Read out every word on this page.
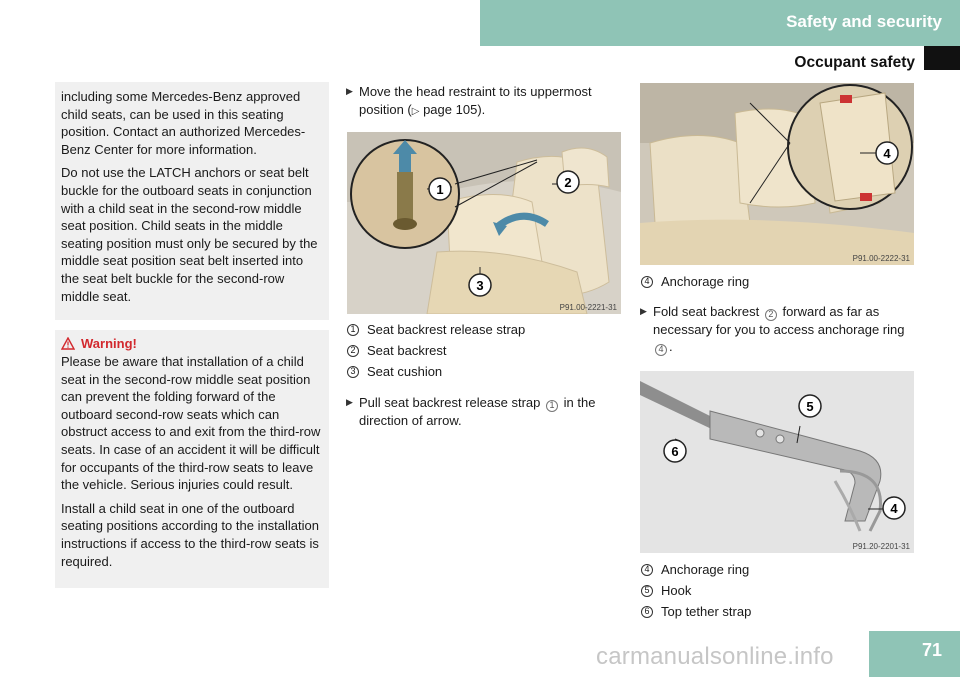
Safety and security
Occupant safety

including some Mercedes-Benz approved child seats, can be used in this seating position. Contact an authorized Mercedes-Benz Center for more information.

Do not use the LATCH anchors or seat belt buckle for the outboard seats in conjunction with a child seat in the second-row middle seat position. Child seats in the middle seating position must only be secured by the middle seat position seat belt inserted into the seat belt buckle for the second-row middle seat.

Warning!

Please be aware that installation of a child seat in the second-row middle seat position can prevent the folding forward of the outboard second-row seats which can obstruct access to and exit from the third-row seats. In case of an accident it will be difficult for occupants of the third-row seats to leave the vehicle. Serious injuries could result.

Install a child seat in one of the outboard seating positions according to the installation instructions if access to the third-row seats is required.

▶ Move the head restraint to its uppermost position (▷ page 105).
1	2
3
P91.00-2221-31
1 Seat backrest release strap
2 Seat backrest
3 Seat cushion
▶ Pull seat backrest release strap 1 in the direction of arrow.
4
P91.00-2222-31
4 Anchorage ring
▶ Fold seat backrest 2 forward as far as necessary for you to access anchorage ring 4 .
5
6
4
P91.20-2201-31
4 Anchorage ring
5 Hook
6 Top tether strap
71
carmanualsonline.info
